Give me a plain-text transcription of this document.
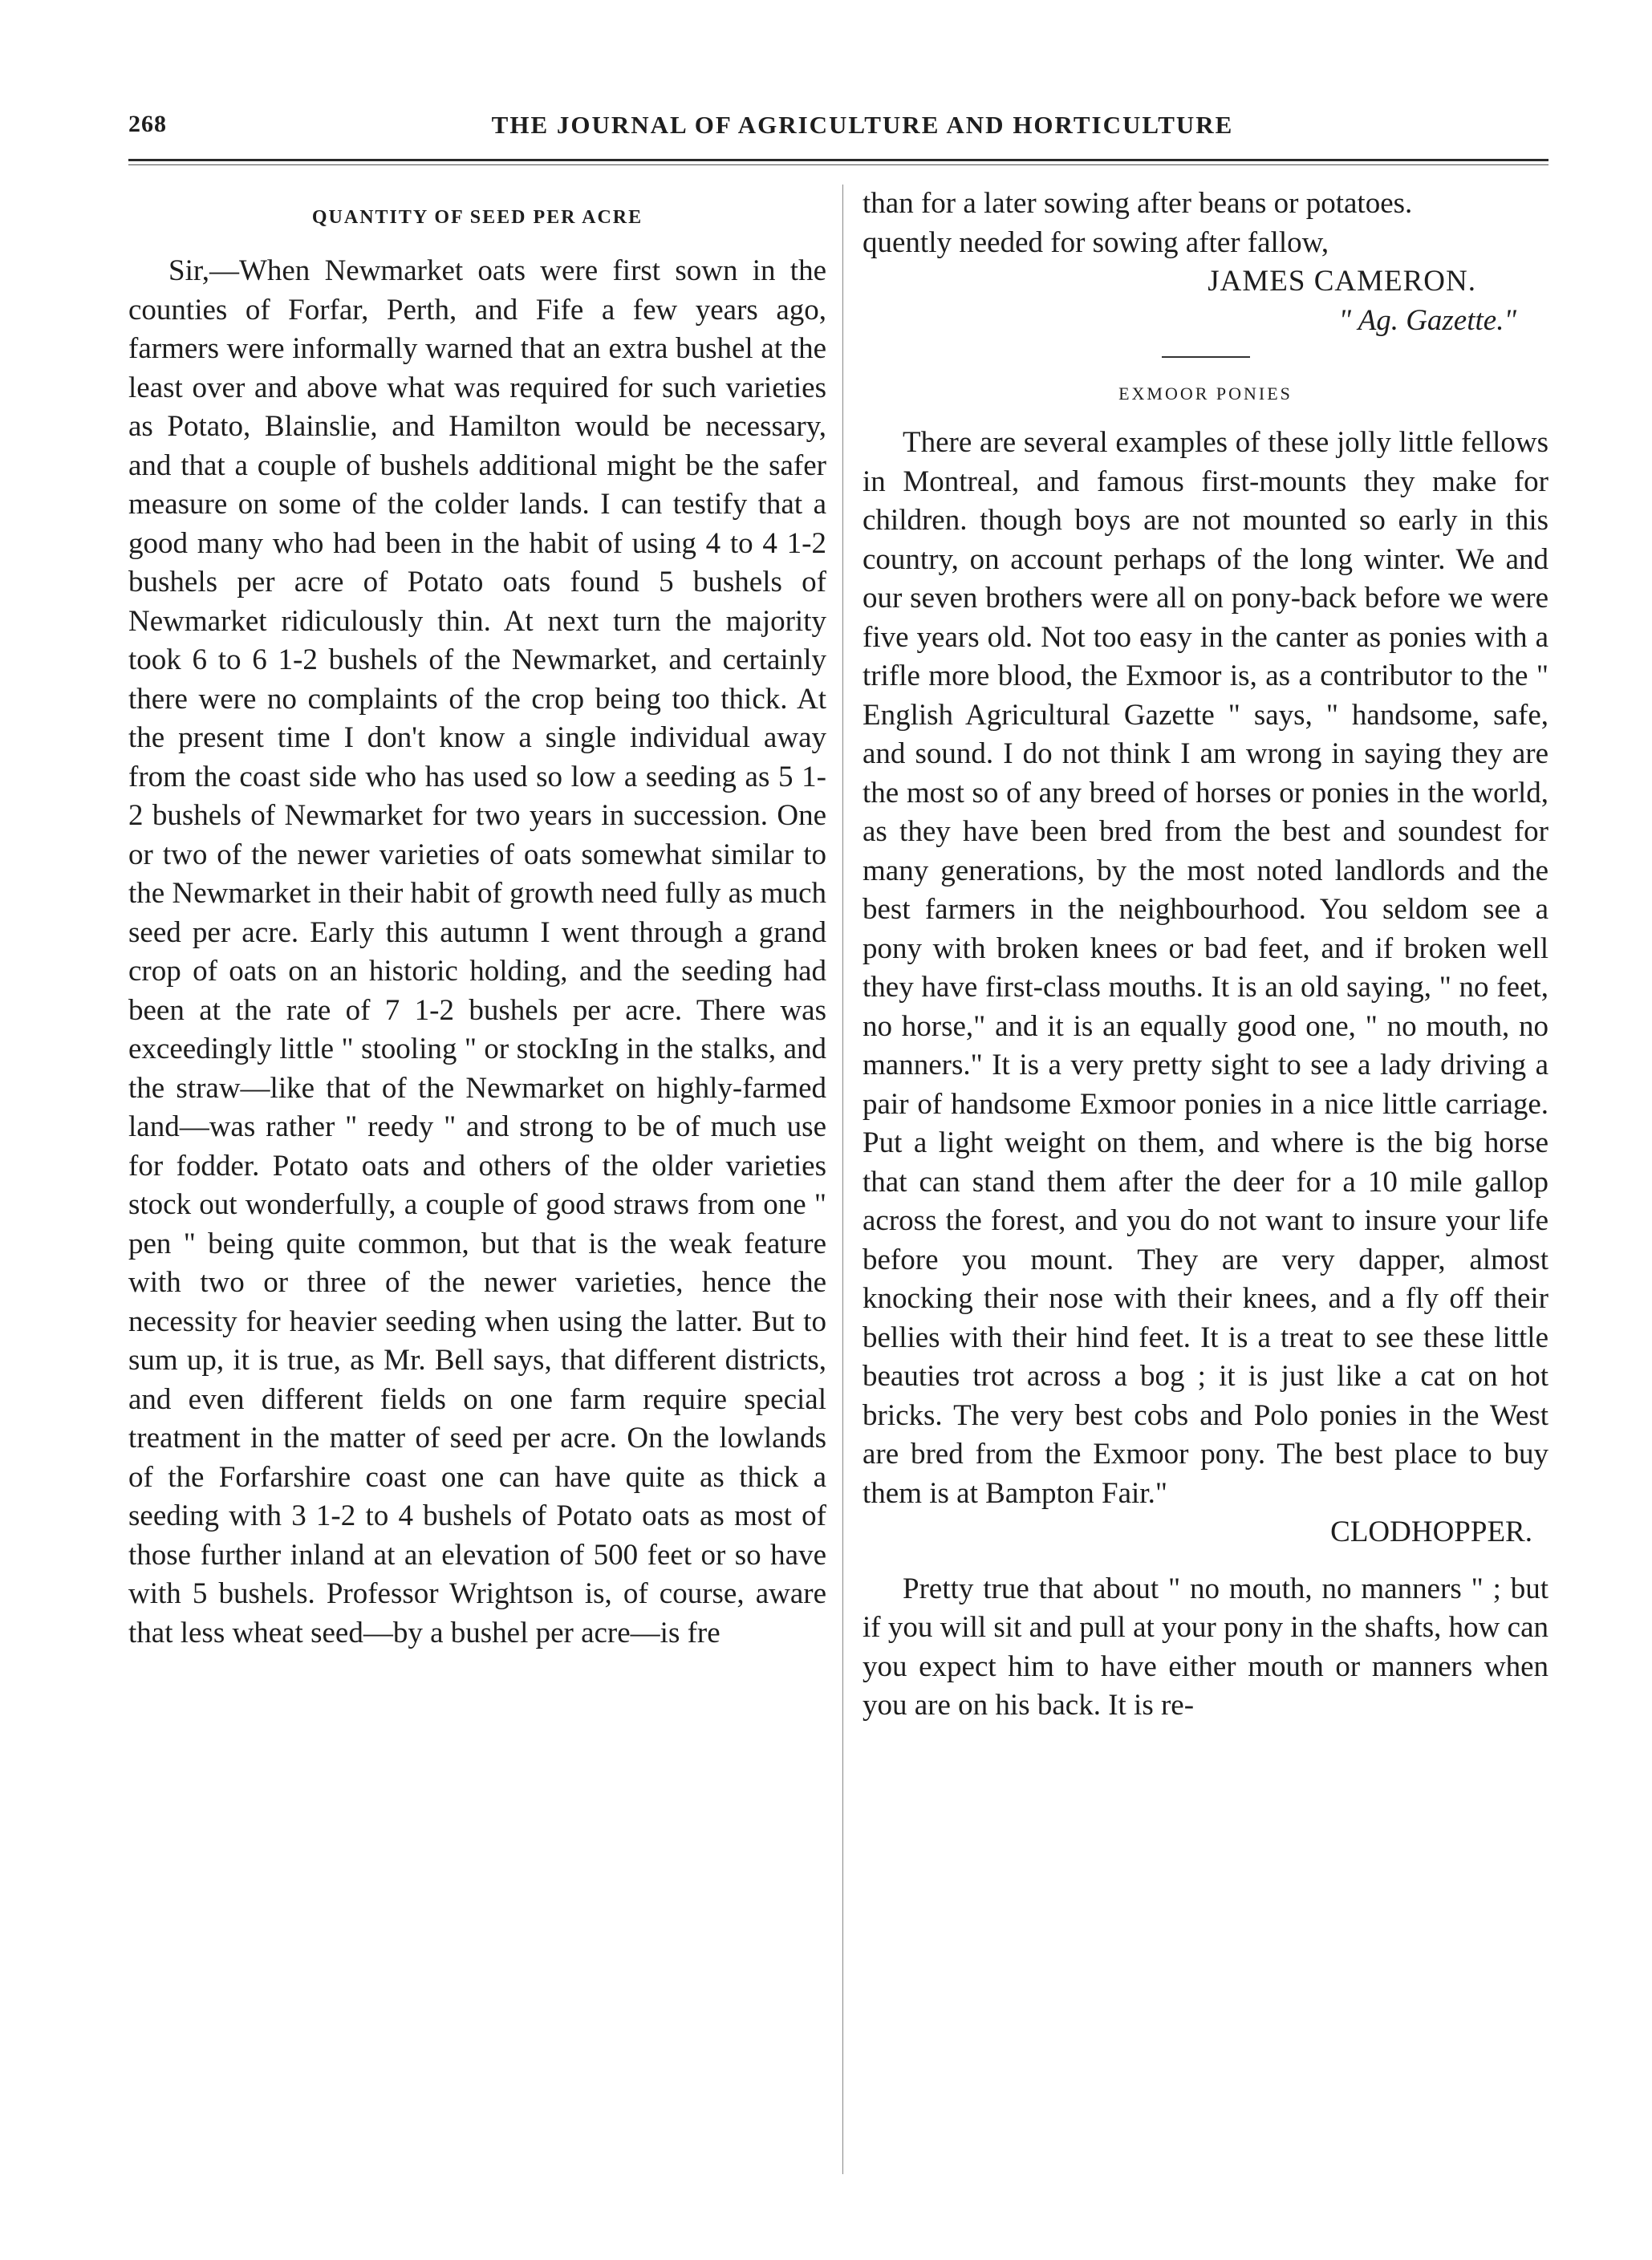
268	THE JOURNAL OF AGRICULTURE AND HORTICULTURE
QUANTITY OF SEED PER ACRE

Sir,—When Newmarket oats were first sown in the counties of Forfar, Perth, and Fife a few years ago, farmers were informally warned that an extra bushel at the least over and above what was required for such varieties as Potato, Blainslie, and Hamilton would be necessary, and that a couple of bushels additional might be the safer measure on some of the colder lands. I can testify that a good many who had been in the habit of using 4 to 4 1-2 bushels per acre of Potato oats found 5 bushels of Newmarket ridiculously thin. At next turn the majority took 6 to 6 1-2 bushels of the Newmarket, and certainly there were no complaints of the crop being too thick. At the present time I don't know a single individual away from the coast side who has used so low a seeding as 5 1-2 bushels of Newmarket for two years in succession. One or two of the newer varieties of oats somewhat similar to the Newmarket in their habit of growth need fully as much seed per acre. Early this autumn I went through a grand crop of oats on an historic holding, and the seeding had been at the rate of 7 1-2 bushels per acre. There was exceedingly little " stooling " or stockIng in the stalks, and the straw—like that of the Newmarket on highly-farmed land—was rather " reedy " and strong to be of much use for fodder. Potato oats and others of the older varieties stock out wonderfully, a couple of good straws from one " pen " being quite common, but that is the weak feature with two or three of the newer varieties, hence the necessity for heavier seeding when using the latter. But to sum up, it is true, as Mr. Bell says, that different districts, and even different fields on one farm require special treatment in the matter of seed per acre. On the lowlands of the Forfarshire coast one can have quite as thick a seeding with 3 1-2 to 4 bushels of Potato oats as most of those further inland at an elevation of 500 feet or so have with 5 bushels. Professor Wrightson is, of course, aware that less wheat seed—by a bushel per acre—is fre

than for a later sowing after beans or potatoes.

quently needed for sowing after fallow,

JAMES CAMERON.

" Ag. Gazette."

EXMOOR PONIES

There are several examples of these jolly little fellows in Montreal, and famous first-mounts they make for children. though boys are not mounted so early in this country, on account perhaps of the long winter. We and our seven brothers were all on pony-back before we were five years old. Not too easy in the canter as ponies with a trifle more blood, the Exmoor is, as a contributor to the " English Agricultural Gazette " says, " handsome, safe, and sound. I do not think I am wrong in saying they are the most so of any breed of horses or ponies in the world, as they have been bred from the best and soundest for many generations, by the most noted landlords and the best farmers in the neighbourhood. You seldom see a pony with broken knees or bad feet, and if broken well they have first-class mouths. It is an old saying, " no feet, no horse," and it is an equally good one, " no mouth, no manners." It is a very pretty sight to see a lady driving a pair of handsome Exmoor ponies in a nice little carriage. Put a light weight on them, and where is the big horse that can stand them after the deer for a 10 mile gallop across the forest, and you do not want to insure your life before you mount. They are very dapper, almost knocking their nose with their knees, and a fly off their bellies with their hind feet. It is a treat to see these little beauties trot across a bog ; it is just like a cat on hot bricks. The very best cobs and Polo ponies in the West are bred from the Exmoor pony. The best place to buy them is at Bampton Fair."

CLODHOPPER.

Pretty true that about " no mouth, no manners " ; but if you will sit and pull at your pony in the shafts, how can you expect him to have either mouth or manners when you are on his back. It is re-
